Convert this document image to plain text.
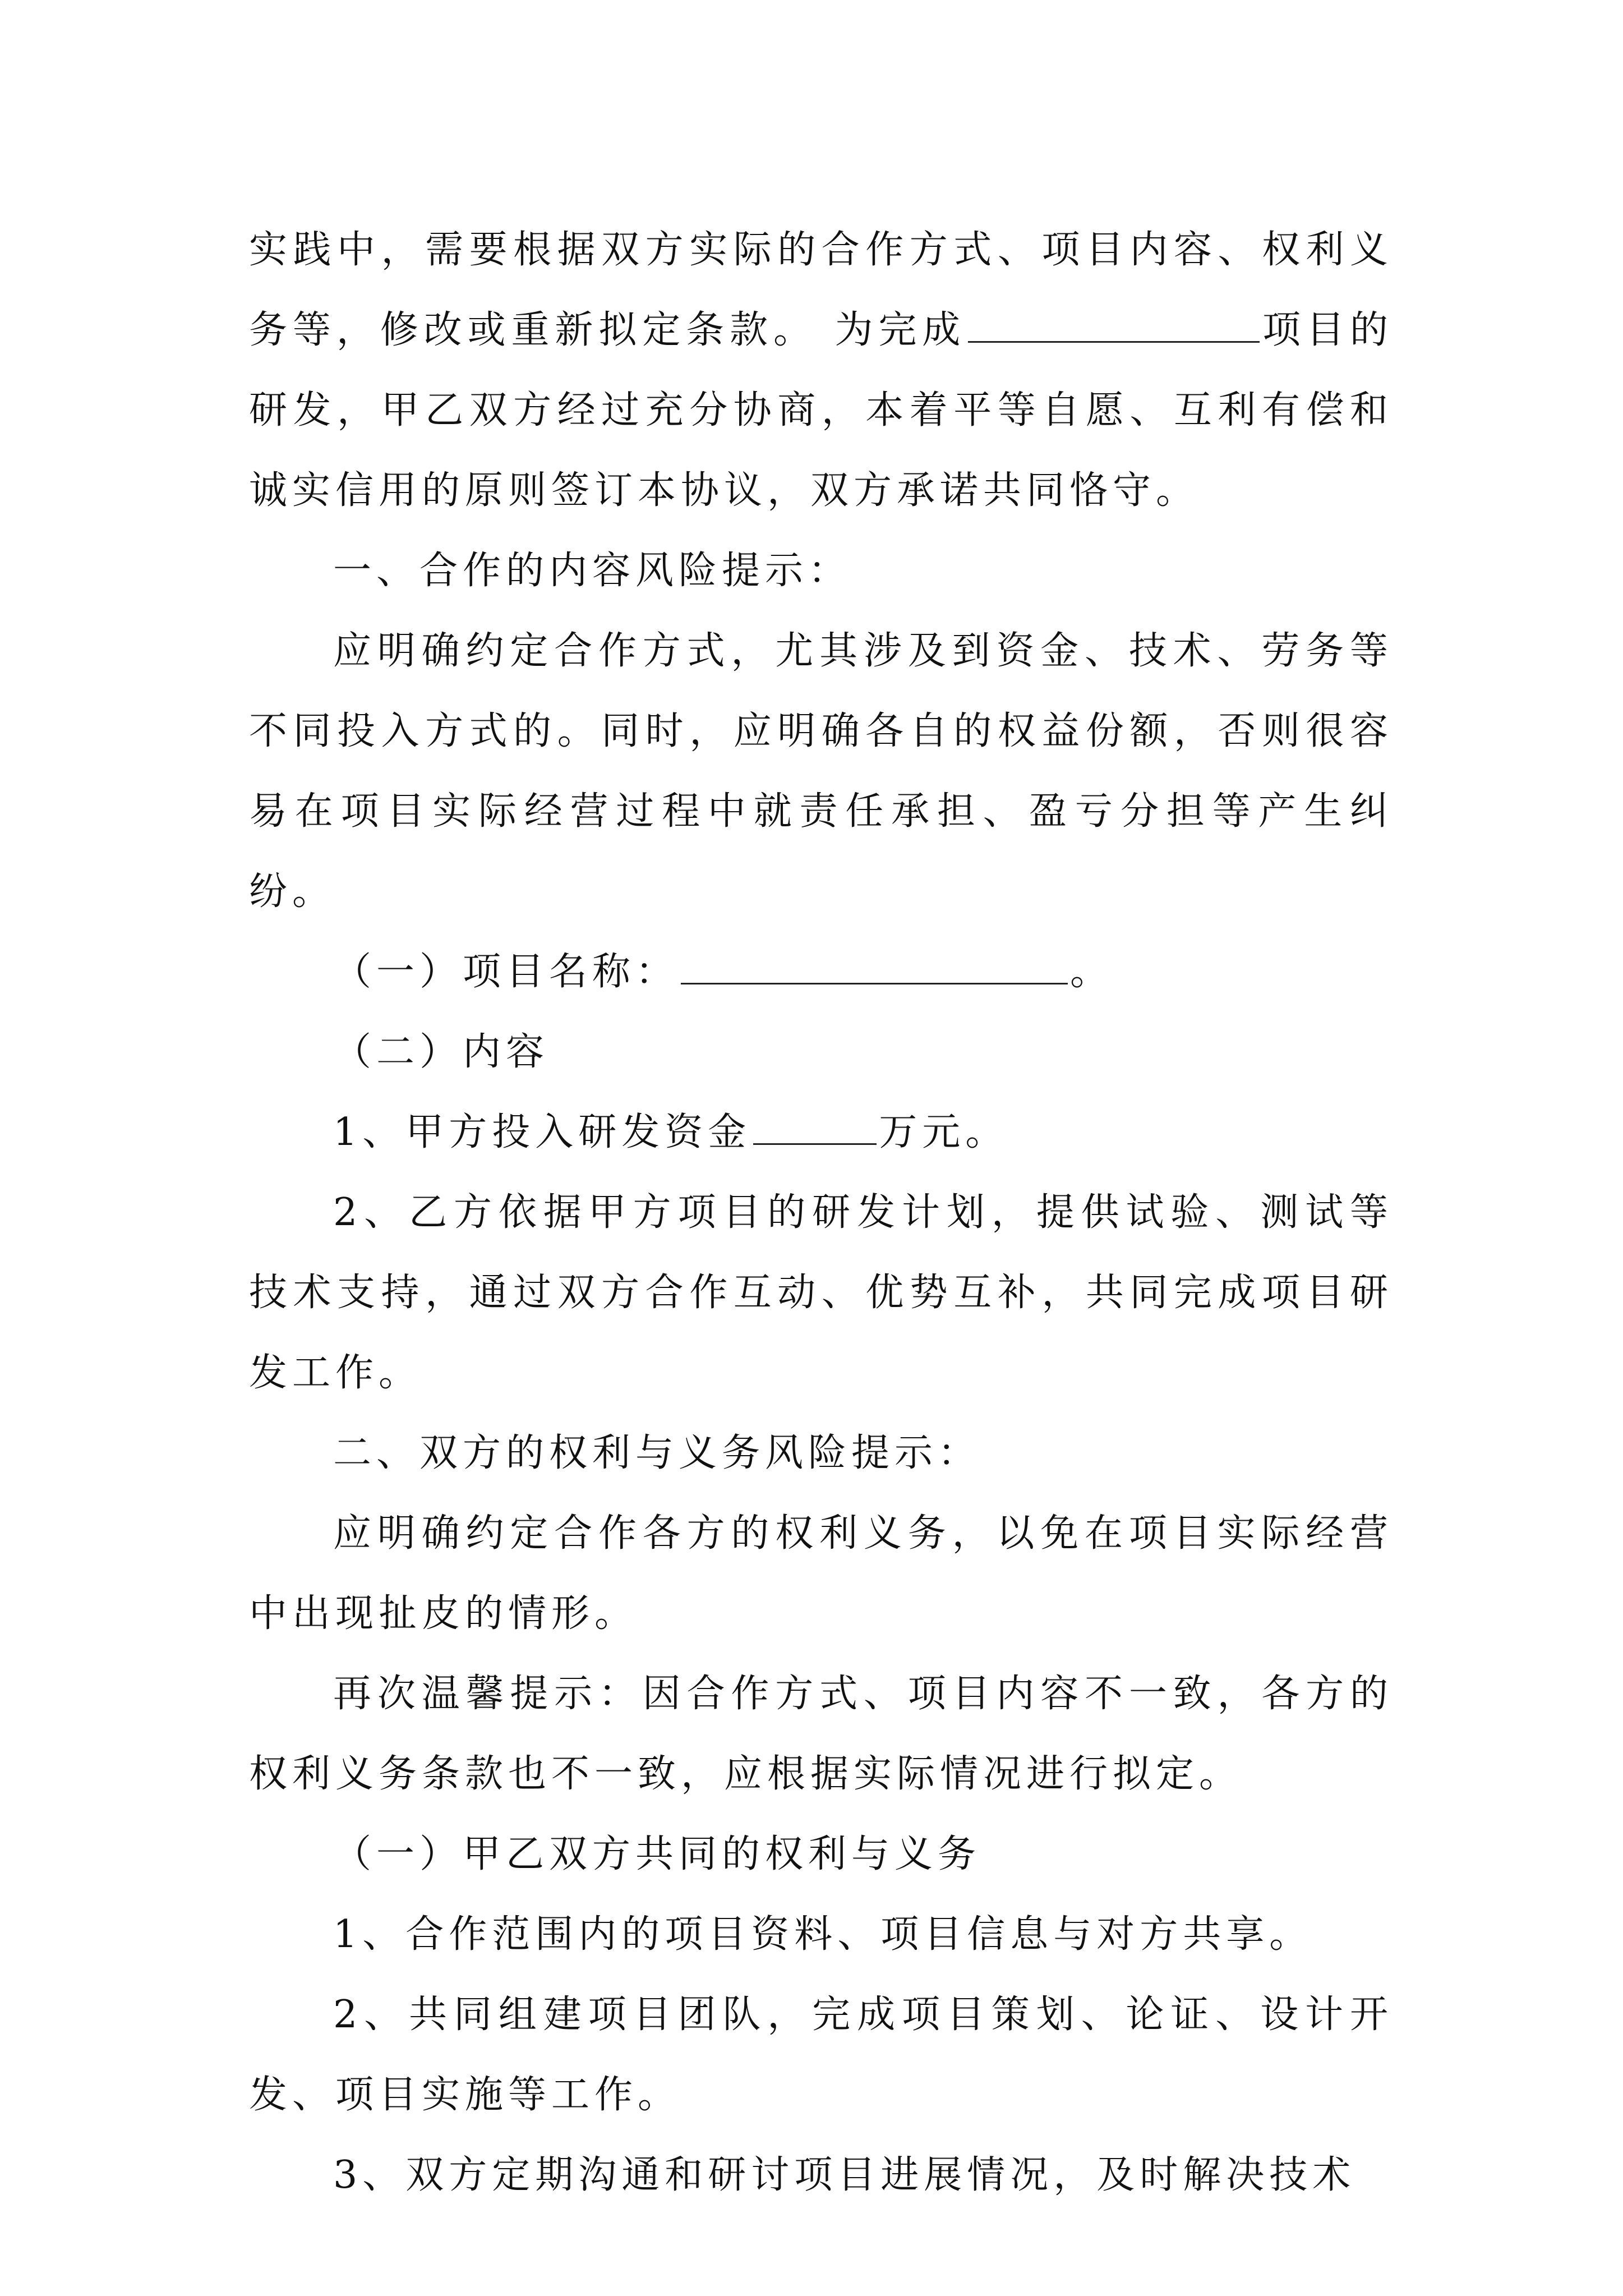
实践中，需要根据双方实际的合作方式、项目内容、权利义务等，修改或重新拟定条款。 为完成	项目的研发，甲乙双方经过充分协商，本着平等自愿、互利有偿和诚实信用的原则签订本协议，双方承诺共同恪守。

一、合作的内容风险提示：

应明确约定合作方式，尤其涉及到资金、技术、劳务等不同投入方式的。同时，应明确各自的权益份额，否则很容易在项目实际经营过程中就责任承担、盈亏分担等产生纠纷。

（一）项目名称：	。

（二）内容

1、甲方投入研发资金	万元。

2、乙方依据甲方项目的研发计划，提供试验、测试等技术支持，通过双方合作互动、优势互补，共同完成项目研发工作。

二、双方的权利与义务风险提示：

应明确约定合作各方的权利义务，以免在项目实际经营中出现扯皮的情形。

再次温馨提示：因合作方式、项目内容不一致，各方的权利义务条款也不一致，应根据实际情况进行拟定。

（一）甲乙双方共同的权利与义务

1、合作范围内的项目资料、项目信息与对方共享。

2、共同组建项目团队，完成项目策划、论证、设计开发、项目实施等工作。

3、双方定期沟通和研讨项目进展情况，及时解决技术
